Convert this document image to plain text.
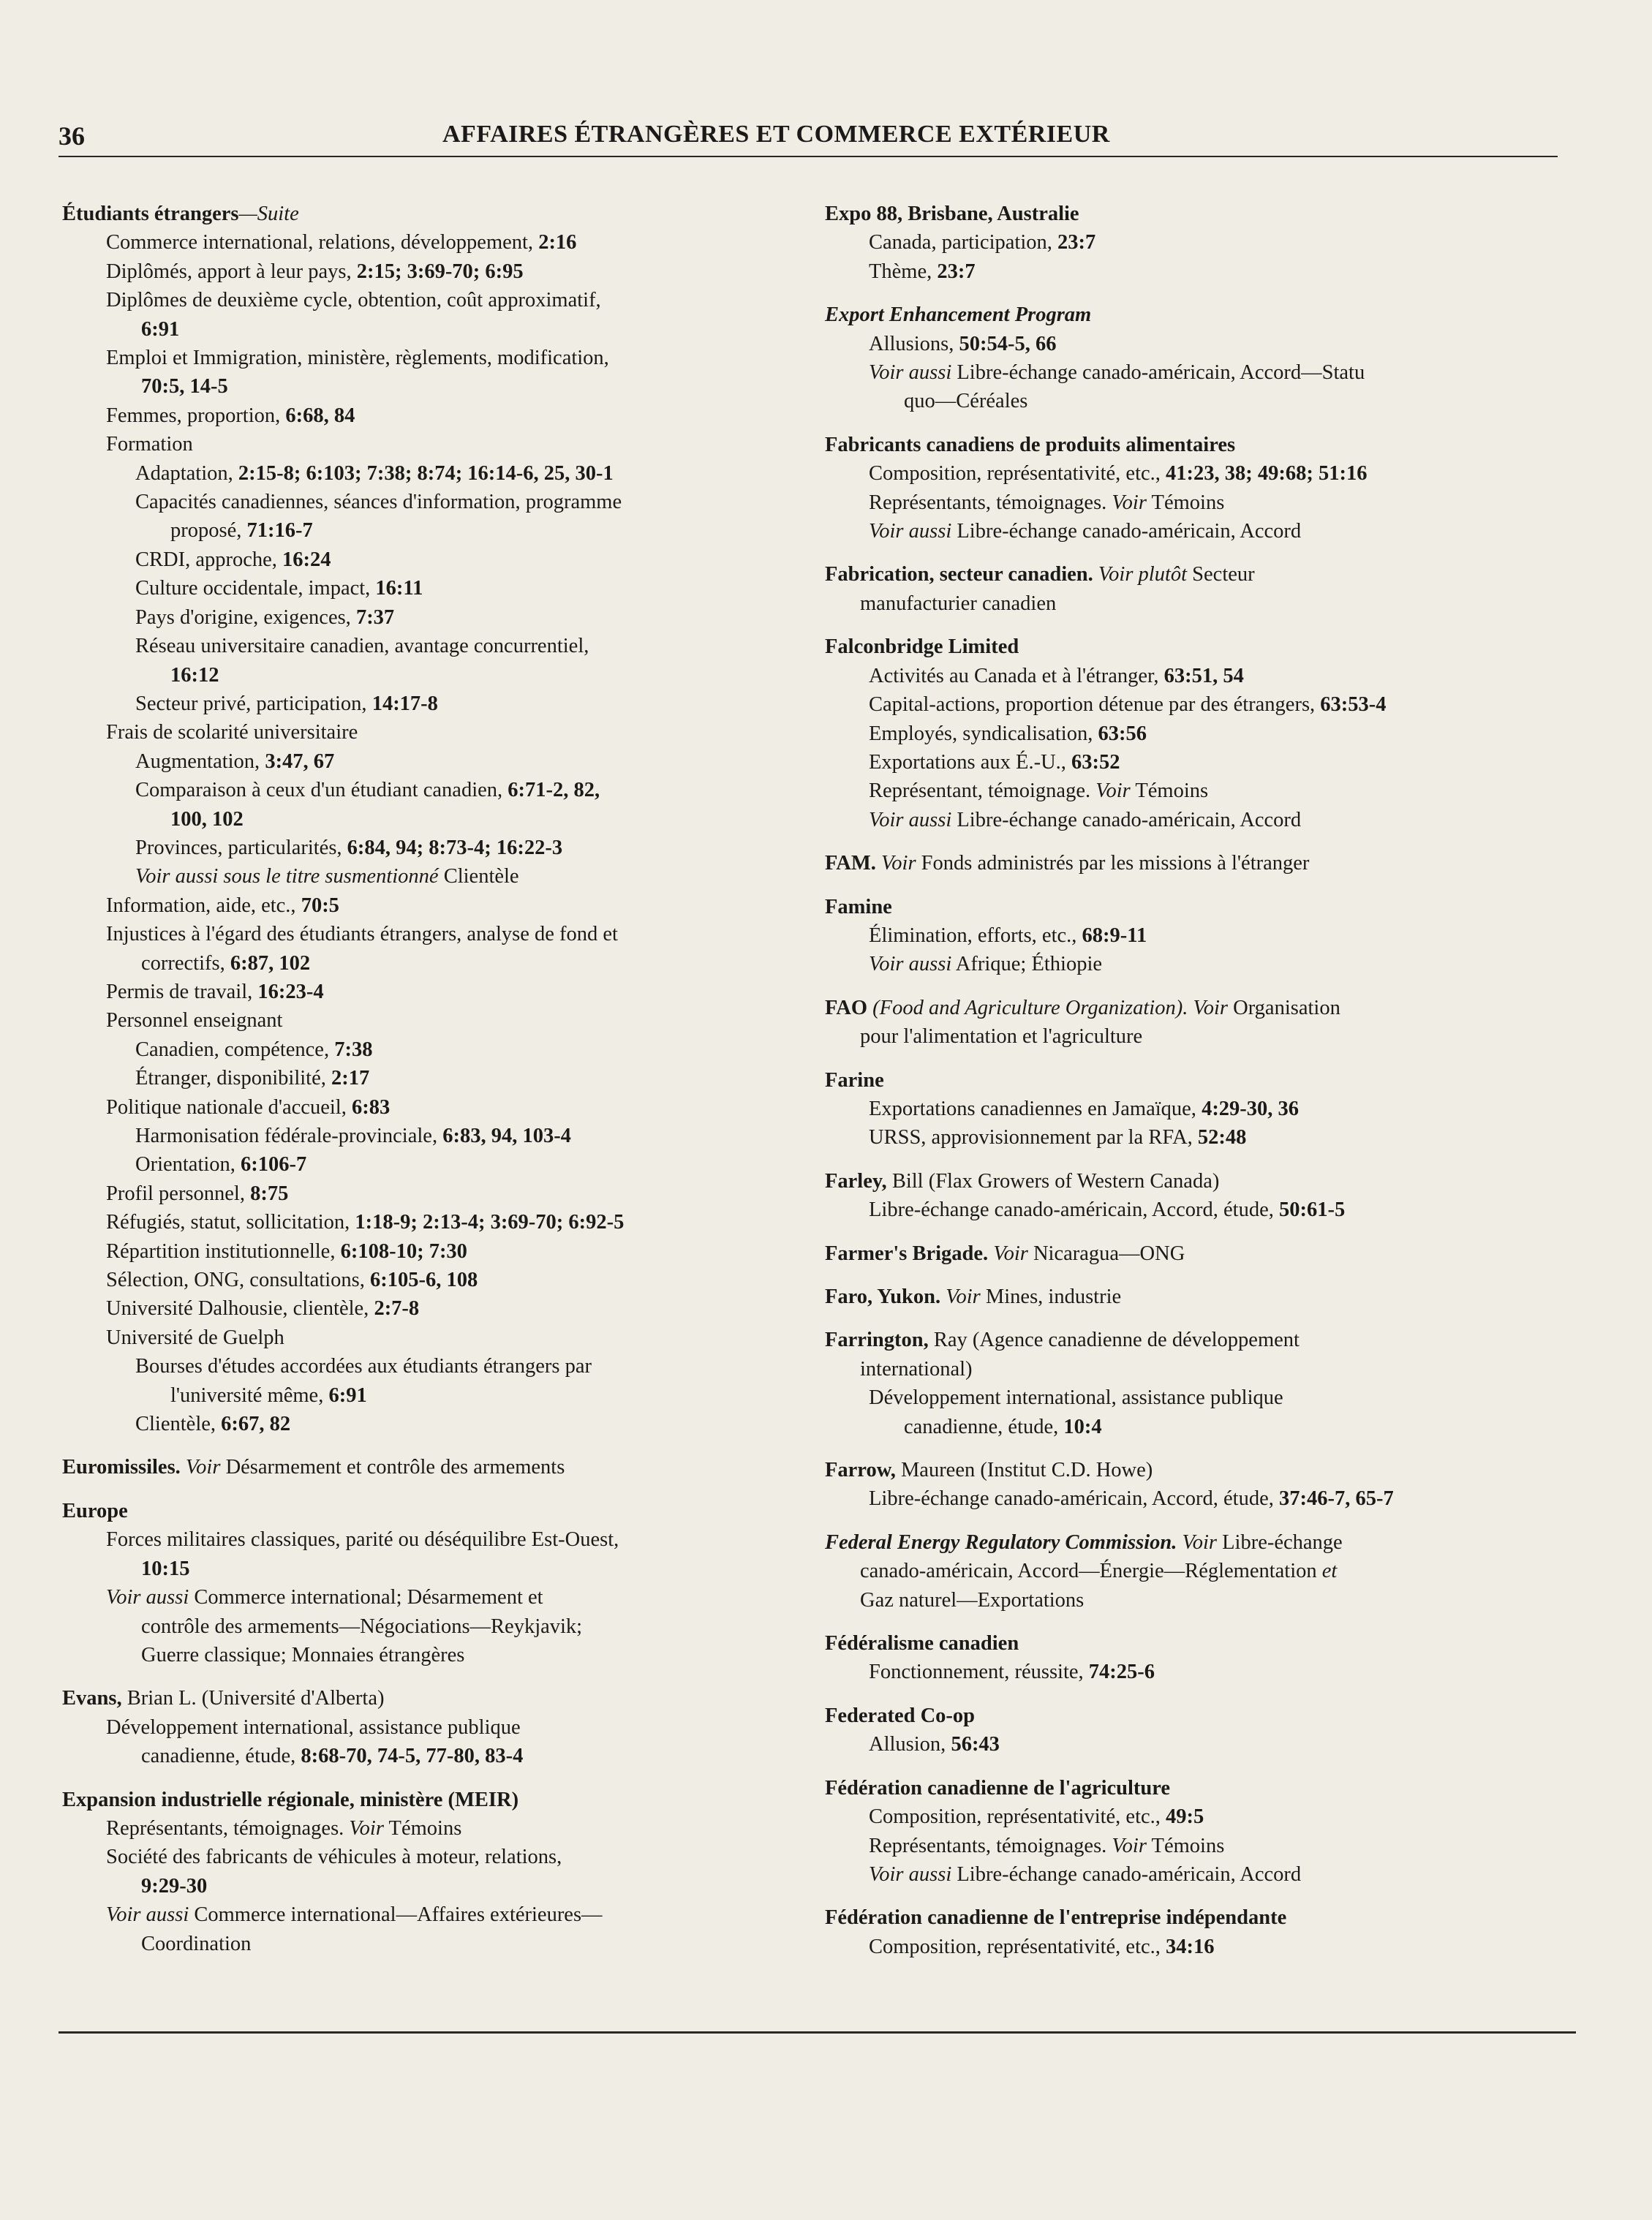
36	AFFAIRES ÉTRANGÈRES ET COMMERCE EXTÉRIEUR
Étudiants étrangers—Suite
Commerce international, relations, développement, 2:16
Diplômés, apport à leur pays, 2:15; 3:69-70; 6:95
Diplômes de deuxième cycle, obtention, coût approximatif,
6:91
Emploi et Immigration, ministère, règlements, modification,
70:5, 14-5
Femmes, proportion, 6:68, 84
Formation
Adaptation, 2:15-8; 6:103; 7:38; 8:74; 16:14-6, 25, 30-1
Capacités canadiennes, séances d'information, programme
proposé, 71:16-7
CRDI, approche, 16:24
Culture occidentale, impact, 16:11
Pays d'origine, exigences, 7:37
Réseau universitaire canadien, avantage concurrentiel,
16:12
Secteur privé, participation, 14:17-8
Frais de scolarité universitaire
Augmentation, 3:47, 67
Comparaison à ceux d'un étudiant canadien, 6:71-2, 82,
100, 102
Provinces, particularités, 6:84, 94; 8:73-4; 16:22-3
Voir aussi sous le titre susmentionné Clientèle
Information, aide, etc., 70:5
Injustices à l'égard des étudiants étrangers, analyse de fond et
correctifs, 6:87, 102
Permis de travail, 16:23-4
Personnel enseignant
Canadien, compétence, 7:38
Étranger, disponibilité, 2:17
Politique nationale d'accueil, 6:83
Harmonisation fédérale-provinciale, 6:83, 94, 103-4
Orientation, 6:106-7
Profil personnel, 8:75
Réfugiés, statut, sollicitation, 1:18-9; 2:13-4; 3:69-70; 6:92-5
Répartition institutionnelle, 6:108-10; 7:30
Sélection, ONG, consultations, 6:105-6, 108
Université Dalhousie, clientèle, 2:7-8
Université de Guelph
Bourses d'études accordées aux étudiants étrangers par
l'université même, 6:91
Clientèle, 6:67, 82
Euromissiles. Voir Désarmement et contrôle des armements
Europe
Forces militaires classiques, parité ou déséquilibre Est-Ouest,
10:15
Voir aussi Commerce international; Désarmement et
contrôle des armements—Négociations—Reykjavik;
Guerre classique; Monnaies étrangères
Evans, Brian L. (Université d'Alberta)
Développement international, assistance publique
canadienne, étude, 8:68-70, 74-5, 77-80, 83-4
Expansion industrielle régionale, ministère (MEIR)
Représentants, témoignages. Voir Témoins
Société des fabricants de véhicules à moteur, relations,
9:29-30
Voir aussi Commerce international—Affaires extérieures—
Coordination
Expo 88, Brisbane, Australie
Canada, participation, 23:7
Thème, 23:7
Export Enhancement Program
Allusions, 50:54-5, 66
Voir aussi Libre-échange canado-américain, Accord—Statu
quo—Céréales
Fabricants canadiens de produits alimentaires
Composition, représentativité, etc., 41:23, 38; 49:68; 51:16
Représentants, témoignages. Voir Témoins
Voir aussi Libre-échange canado-américain, Accord
Fabrication, secteur canadien. Voir plutôt Secteur
manufacturier canadien
Falconbridge Limited
Activités au Canada et à l'étranger, 63:51, 54
Capital-actions, proportion détenue par des étrangers, 63:53-4
Employés, syndicalisation, 63:56
Exportations aux É.-U., 63:52
Représentant, témoignage. Voir Témoins
Voir aussi Libre-échange canado-américain, Accord
FAM. Voir Fonds administrés par les missions à l'étranger
Famine
Élimination, efforts, etc., 68:9-11
Voir aussi Afrique; Éthiopie
FAO (Food and Agriculture Organization). Voir Organisation
pour l'alimentation et l'agriculture
Farine
Exportations canadiennes en Jamaïque, 4:29-30, 36
URSS, approvisionnement par la RFA, 52:48
Farley, Bill (Flax Growers of Western Canada)
Libre-échange canado-américain, Accord, étude, 50:61-5
Farmer's Brigade. Voir Nicaragua—ONG
Faro, Yukon. Voir Mines, industrie
Farrington, Ray (Agence canadienne de développement
international)
Développement international, assistance publique
canadienne, étude, 10:4
Farrow, Maureen (Institut C.D. Howe)
Libre-échange canado-américain, Accord, étude, 37:46-7, 65-7
Federal Energy Regulatory Commission. Voir Libre-échange
canado-américain, Accord—Énergie—Réglementation et
Gaz naturel—Exportations
Fédéralisme canadien
Fonctionnement, réussite, 74:25-6
Federated Co-op
Allusion, 56:43
Fédération canadienne de l'agriculture
Composition, représentativité, etc., 49:5
Représentants, témoignages. Voir Témoins
Voir aussi Libre-échange canado-américain, Accord
Fédération canadienne de l'entreprise indépendante
Composition, représentativité, etc., 34:16
